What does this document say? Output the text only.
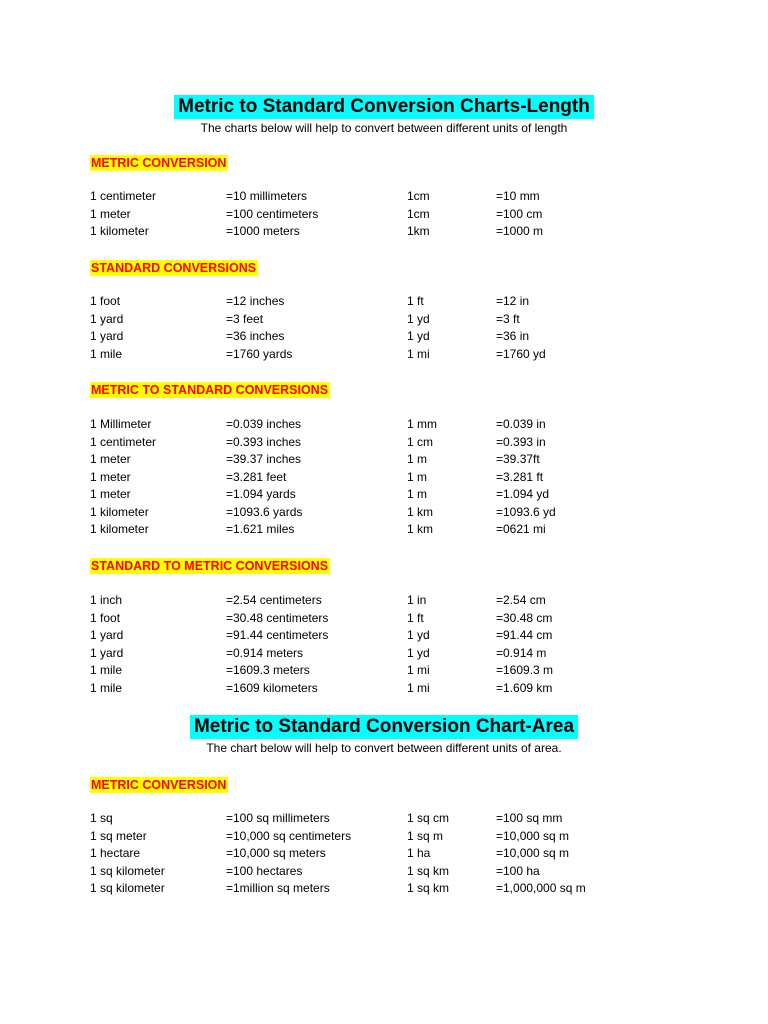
Metric to Standard Conversion Charts-Length
The charts below will help to convert between different units of length
METRIC CONVERSION
1 centimeter	=10 millimeters	1cm	=10 mm
1 meter	=100 centimeters	1cm	=100 cm
1 kilometer	=1000 meters	1km	=1000 m
STANDARD CONVERSIONS
1 foot	=12 inches	1 ft	=12 in
1 yard	=3 feet	1 yd	=3 ft
1 yard	=36 inches	1 yd	=36 in
1 mile	=1760 yards	1 mi	=1760 yd
METRIC TO STANDARD CONVERSIONS
1 Millimeter	=0.039 inches	1 mm	=0.039 in
1 centimeter	=0.393 inches	1 cm	=0.393 in
1 meter	=39.37 inches	1 m	=39.37ft
1 meter	=3.281 feet	1 m	=3.281 ft
1 meter	=1.094 yards	1 m	=1.094 yd
1 kilometer	=1093.6 yards	1 km	=1093.6 yd
1 kilometer	=1.621 miles	1 km	=0621 mi
STANDARD TO METRIC CONVERSIONS
1 inch	=2.54 centimeters	1 in	=2.54 cm
1 foot	=30.48 centimeters	1 ft	=30.48 cm
1 yard	=91.44 centimeters	1 yd	=91.44 cm
1 yard	=0.914 meters	1 yd	=0.914 m
1 mile	=1609.3 meters	1 mi	=1609.3 m
1 mile	=1609 kilometers	1 mi	=1.609 km
Metric to Standard Conversion Chart-Area
The chart below will help to convert between different units of area.
METRIC CONVERSION
1 sq	=100 sq millimeters	1 sq cm	=100 sq mm
1 sq meter	=10,000 sq centimeters	1 sq m	=10,000 sq m
1 hectare	=10,000 sq meters	1 ha	=10,000 sq m
1 sq kilometer	=100 hectares	1 sq km	=100 ha
1 sq kilometer	=1million sq meters	1 sq km	=1,000,000 sq m
